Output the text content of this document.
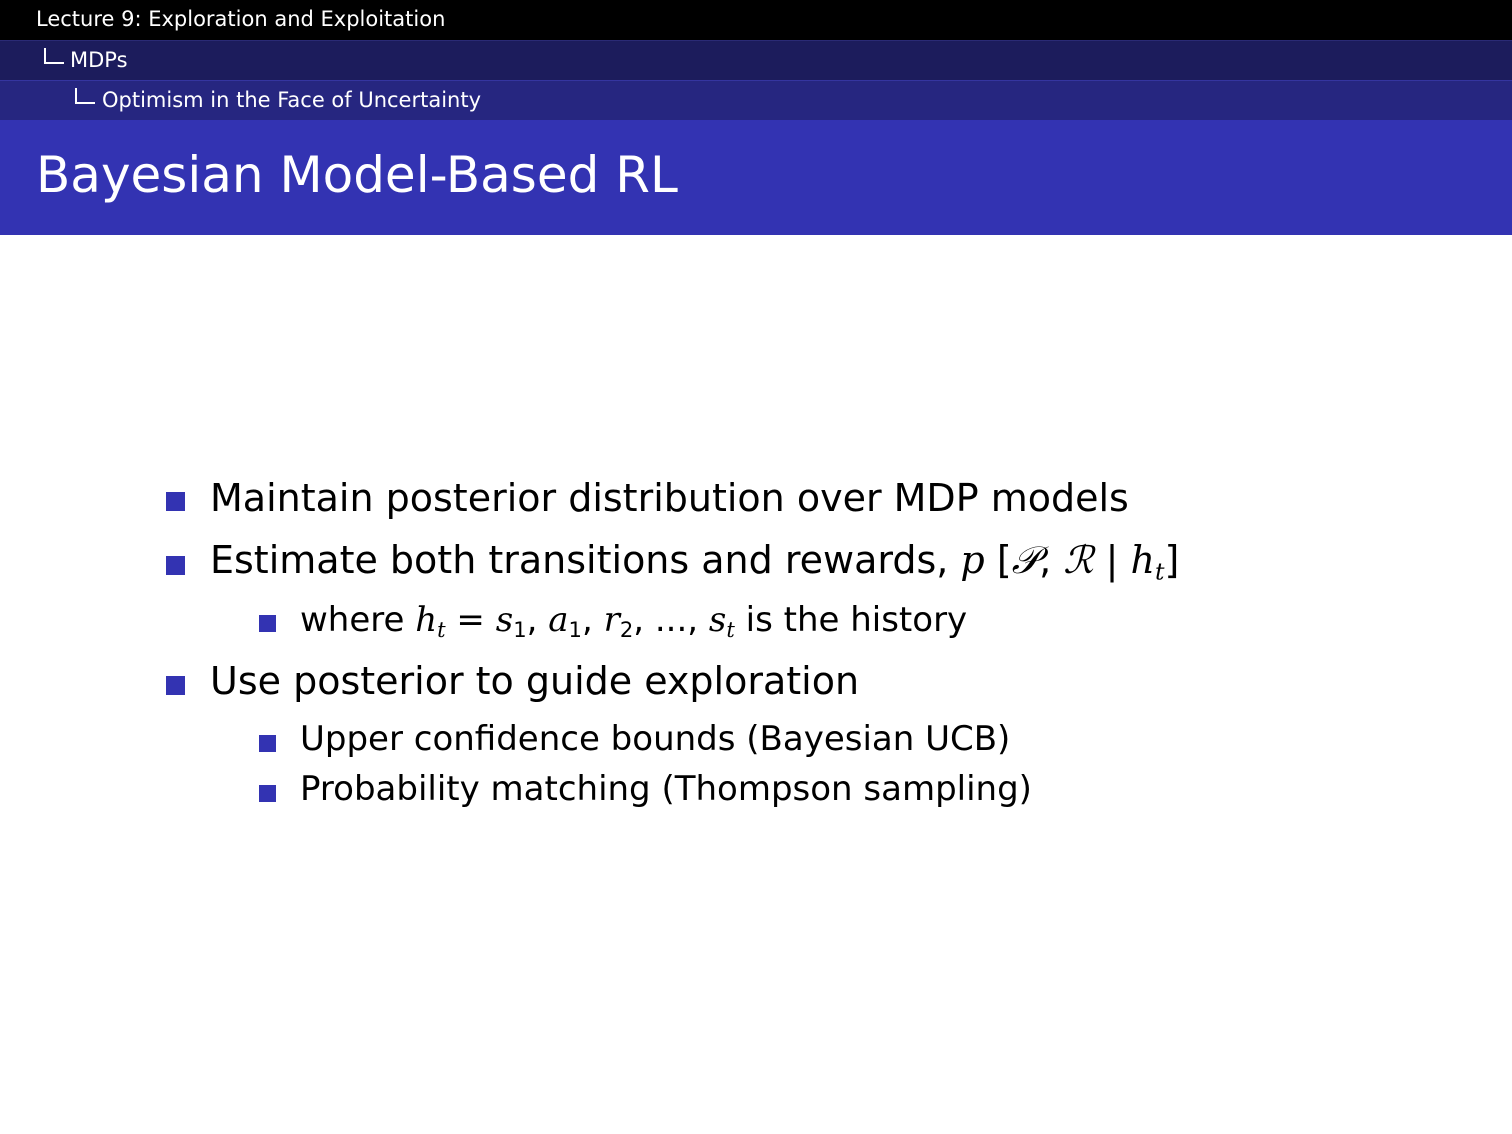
Lecture 9: Exploration and Exploitation
MDPs
Optimism in the Face of Uncertainty
Bayesian Model-Based RL
Maintain posterior distribution over MDP models
Estimate both transitions and rewards, p [𝒫, ℛ | $h_t$]
where $h_t = s_1$, $a_1$, $r_2$, ..., $s_t$ is the history
Use posterior to guide exploration
Upper confidence bounds (Bayesian UCB)
Probability matching (Thompson sampling)
